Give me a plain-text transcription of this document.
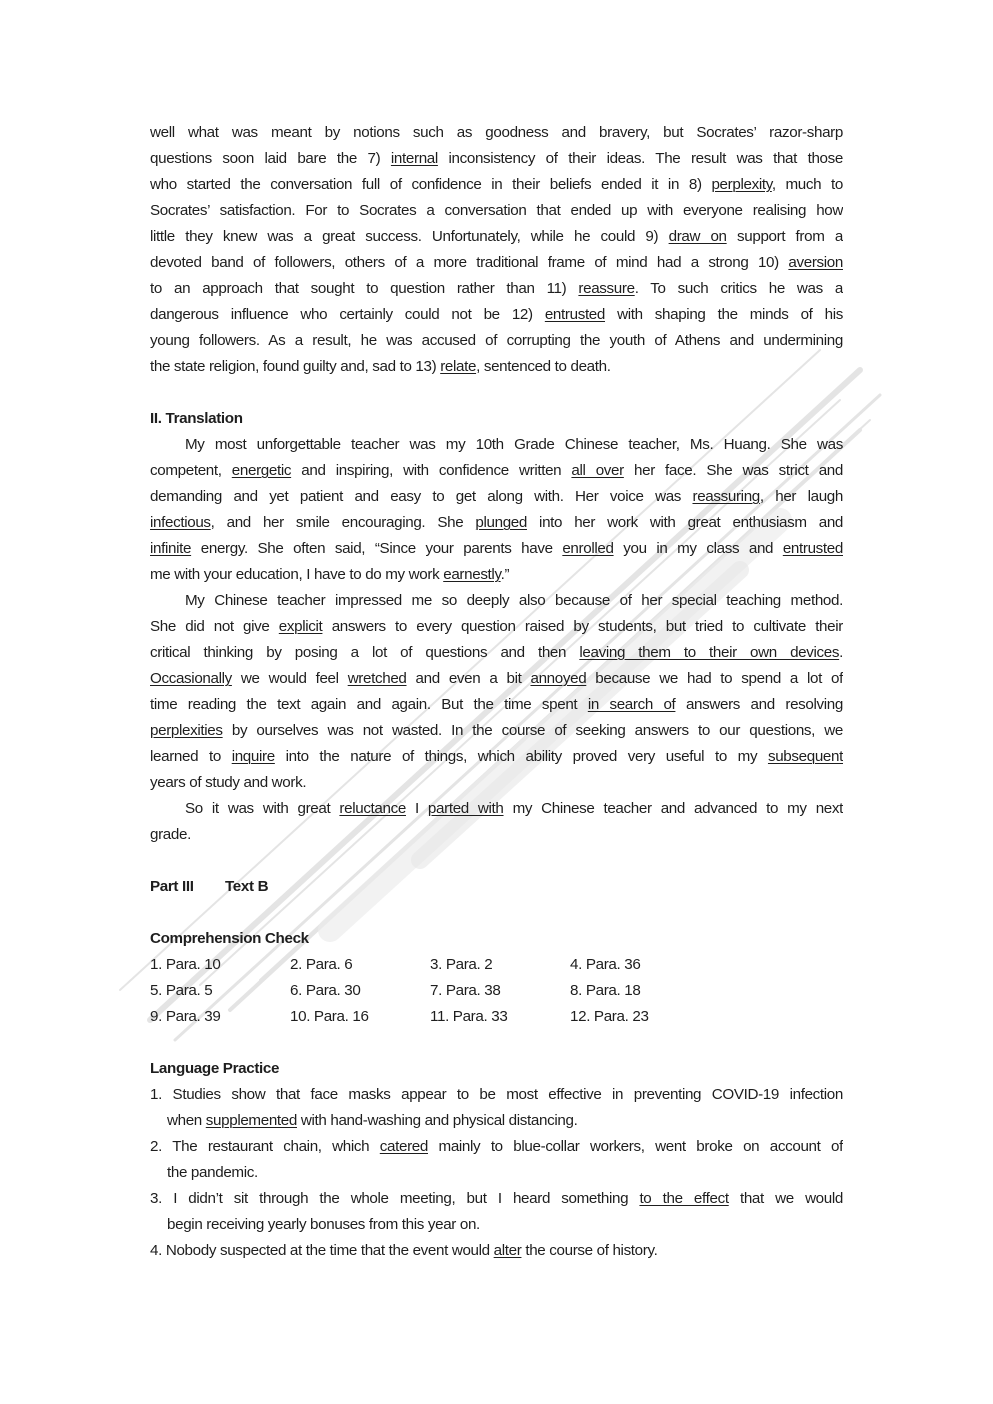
well what was meant by notions such as goodness and bravery, but Socrates’ razor-sharp
questions soon laid bare the 7) internal inconsistency of their ideas. The result was that those
who started the conversation full of confidence in their beliefs ended it in 8) perplexity, much to
Socrates’ satisfaction. For to Socrates a conversation that ended up with everyone realising how
little they knew was a great success. Unfortunately, while he could 9) draw on support from a
devoted band of followers, others of a more traditional frame of mind had a strong 10) aversion
to an approach that sought to question rather than 11) reassure. To such critics he was a
dangerous influence who certainly could not be 12) entrusted with shaping the minds of his
young followers. As a result, he was accused of corrupting the youth of Athens and undermining
the state religion, found guilty and, sad to 13) relate, sentenced to death.
II. Translation
My most unforgettable teacher was my 10th Grade Chinese teacher, Ms. Huang. She was
competent, energetic and inspiring, with confidence written all over her face. She was strict and
demanding and yet patient and easy to get along with. Her voice was reassuring, her laugh
infectious, and her smile encouraging. She plunged into her work with great enthusiasm and
infinite energy. She often said, “Since your parents have enrolled you in my class and entrusted
me with your education, I have to do my work earnestly.”
My Chinese teacher impressed me so deeply also because of her special teaching method.
She did not give explicit answers to every question raised by students, but tried to cultivate their
critical thinking by posing a lot of questions and then leaving them to their own devices.
Occasionally we would feel wretched and even a bit annoyed because we had to spend a lot of
time reading the text again and again. But the time spent in search of answers and resolving
perplexities by ourselves was not wasted. In the course of seeking answers to our questions, we
learned to inquire into the nature of things, which ability proved very useful to my subsequent
years of study and work.
So it was with great reluctance I parted with my Chinese teacher and advanced to my next
grade.
Part III Text B
Comprehension Check
1. Para. 10	2. Para. 6	3. Para. 2	4. Para. 36
5. Para. 5	6. Para. 30	7. Para. 38	8. Para. 18
9. Para. 39	10. Para. 16	11. Para. 33	12. Para. 23
Language Practice
1. Studies show that face masks appear to be most effective in preventing COVID-19 infection
when supplemented with hand-washing and physical distancing.
2. The restaurant chain, which catered mainly to blue-collar workers, went broke on account of
the pandemic.
3. I didn’t sit through the whole meeting, but I heard something to the effect that we would
begin receiving yearly bonuses from this year on.
4. Nobody suspected at the time that the event would alter the course of history.
